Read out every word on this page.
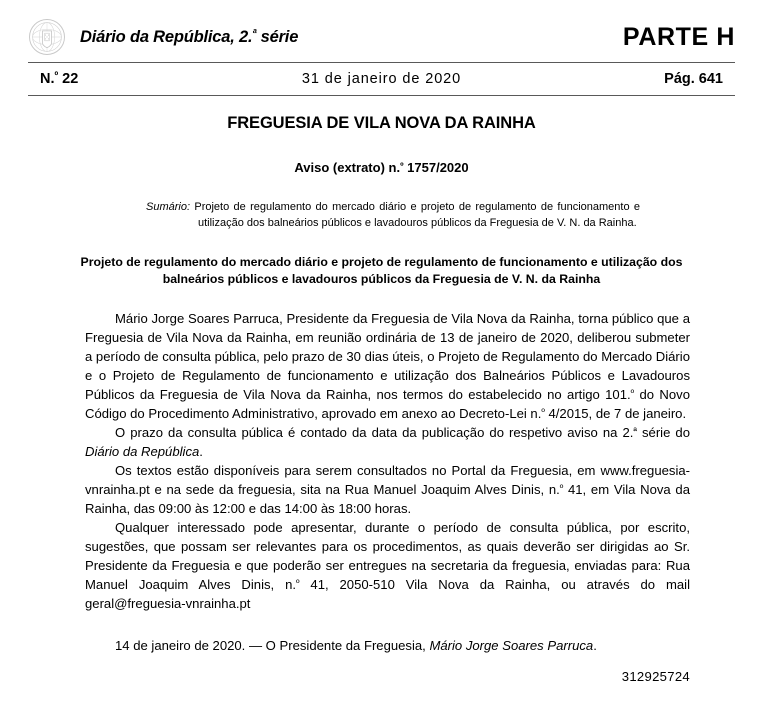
Diário da República, 2.$^ª$ série	PARTE H
N.$^º$ 22	31 de janeiro de 2020	Pág. 641
FREGUESIA DE VILA NOVA DA RAINHA
Aviso (extrato) n.$^º$ 1757/2020
Sumário: Projeto de regulamento do mercado diário e projeto de regulamento de funcionamento e utilização dos balneários públicos e lavadouros públicos da Freguesia de V. N. da Rainha.
Projeto de regulamento do mercado diário e projeto de regulamento de funcionamento e utilização dos balneários públicos e lavadouros públicos da Freguesia de V. N. da Rainha

Mário Jorge Soares Parruca, Presidente da Freguesia de Vila Nova da Rainha, torna público que a Freguesia de Vila Nova da Rainha, em reunião ordinária de 13 de janeiro de 2020, deliberou submeter a período de consulta pública, pelo prazo de 30 dias úteis, o Projeto de Regulamento do Mercado Diário e o Projeto de Regulamento de funcionamento e utilização dos Balneários Públicos e Lavadouros Públicos da Freguesia de Vila Nova da Rainha, nos termos do estabelecido no artigo 101.$^º$ do Novo Código do Procedimento Administrativo, aprovado em anexo ao Decreto-Lei n.$^º$ 4/2015, de 7 de janeiro.

O prazo da consulta pública é contado da data da publicação do respetivo aviso na 2.$^ª$ série do Diário da República.

Os textos estão disponíveis para serem consultados no Portal da Freguesia, em www.freguesia-vnrainha.pt e na sede da freguesia, sita na Rua Manuel Joaquim Alves Dinis, n.$^º$ 41, em Vila Nova da Rainha, das 09:00 às 12:00 e das 14:00 às 18:00 horas.

Qualquer interessado pode apresentar, durante o período de consulta pública, por escrito, sugestões, que possam ser relevantes para os procedimentos, as quais deverão ser dirigidas ao Sr. Presidente da Freguesia e que poderão ser entregues na secretaria da freguesia, enviadas para: Rua Manuel Joaquim Alves Dinis, n.$^º$ 41, 2050-510 Vila Nova da Rainha, ou através do mail geral@freguesia-vnrainha.pt

14 de janeiro de 2020. — O Presidente da Freguesia, Mário Jorge Soares Parruca.
312925724
